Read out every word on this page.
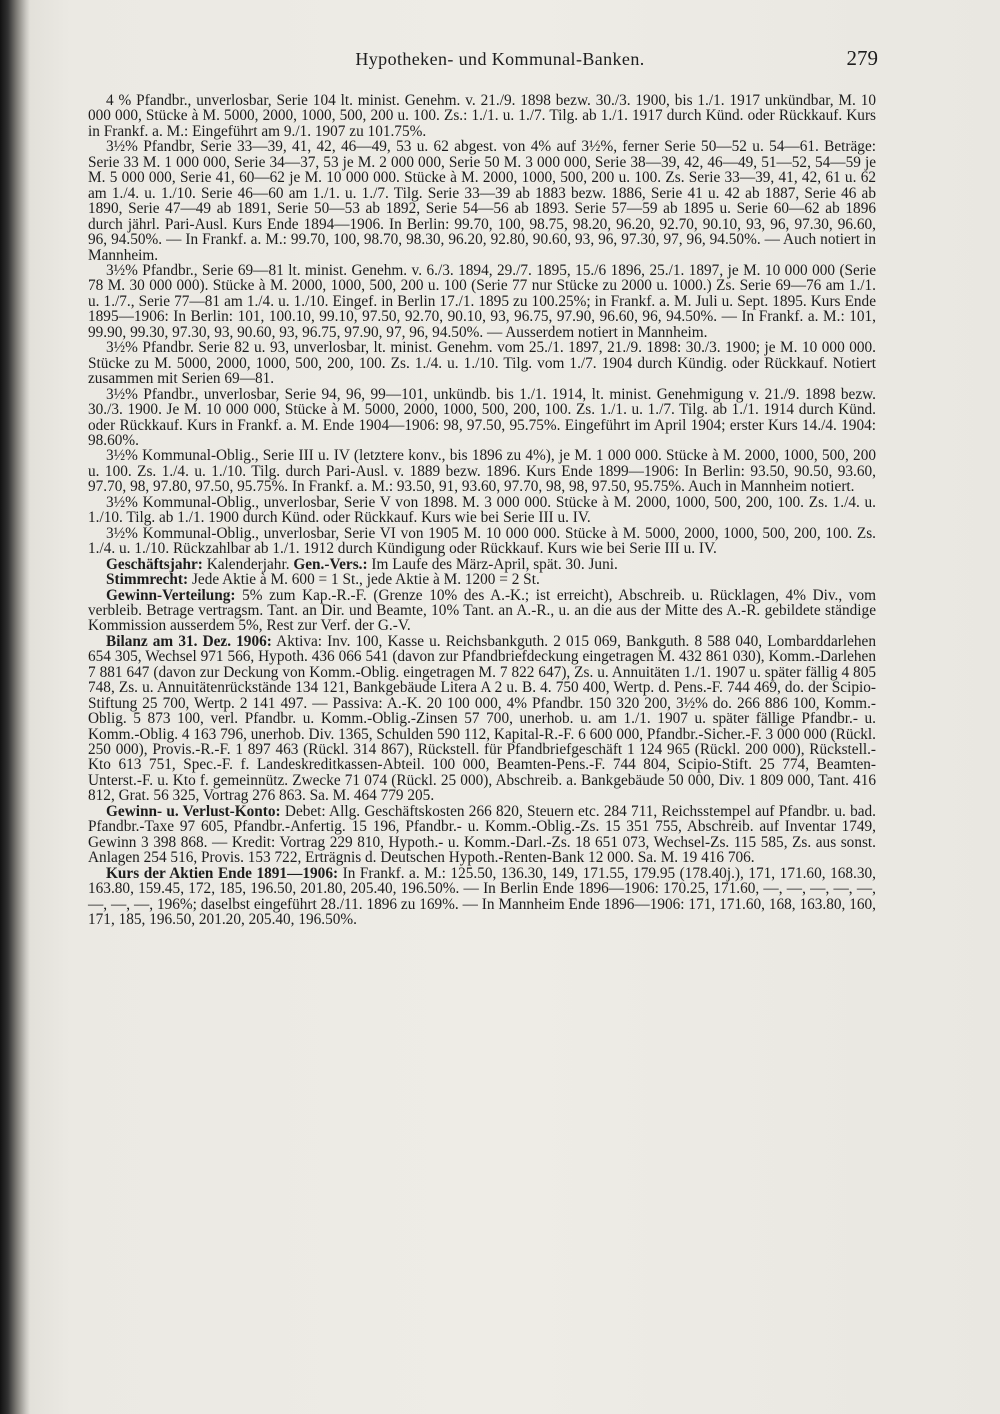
Hypotheken- und Kommunal-Banken.	279

4 % Pfandbr., unverlosbar, Serie 104 lt. minist. Genehm. v. 21./9. 1898 bezw. 30./3. 1900, bis 1./1. 1917 unkündbar, M. 10 000 000, Stücke à M. 5000, 2000, 1000, 500, 200 u. 100. Zs.: 1./1. u. 1./7. Tilg. ab 1./1. 1917 durch Künd. oder Rückkauf. Kurs in Frankf. a. M.: Eingeführt am 9./1. 1907 zu 101.75%.

3½% Pfandbr, Serie 33—39, 41, 42, 46—49, 53 u. 62 abgest. von 4% auf 3½%, ferner Serie 50—52 u. 54—61. Beträge: Serie 33 M. 1 000 000, Serie 34—37, 53 je M. 2 000 000, Serie 50 M. 3 000 000, Serie 38—39, 42, 46—49, 51—52, 54—59 je M. 5 000 000, Serie 41, 60—62 je M. 10 000 000. Stücke à M. 2000, 1000, 500, 200 u. 100. Zs. Serie 33—39, 41, 42, 61 u. 62 am 1./4. u. 1./10. Serie 46—60 am 1./1. u. 1./7. Tilg. Serie 33—39 ab 1883 bezw. 1886, Serie 41 u. 42 ab 1887, Serie 46 ab 1890, Serie 47—49 ab 1891, Serie 50—53 ab 1892, Serie 54—56 ab 1893. Serie 57—59 ab 1895 u. Serie 60—62 ab 1896 durch jährl. Pari-Ausl. Kurs Ende 1894—1906. In Berlin: 99.70, 100, 98.75, 98.20, 96.20, 92.70, 90.10, 93, 96, 97.30, 96.60, 96, 94.50%. — In Frankf. a. M.: 99.70, 100, 98.70, 98.30, 96.20, 92.80, 90.60, 93, 96, 97.30, 97, 96, 94.50%. — Auch notiert in Mannheim.

3½% Pfandbr., Serie 69—81 lt. minist. Genehm. v. 6./3. 1894, 29./7. 1895, 15./6 1896, 25./1. 1897, je M. 10 000 000 (Serie 78 M. 30 000 000). Stücke à M. 2000, 1000, 500, 200 u. 100 (Serie 77 nur Stücke zu 2000 u. 1000.) Zs. Serie 69—76 am 1./1. u. 1./7., Serie 77—81 am 1./4. u. 1./10. Eingef. in Berlin 17./1. 1895 zu 100.25%; in Frankf. a. M. Juli u. Sept. 1895. Kurs Ende 1895—1906: In Berlin: 101, 100.10, 99.10, 97.50, 92.70, 90.10, 93, 96.75, 97.90, 96.60, 96, 94.50%. — In Frankf. a. M.: 101, 99.90, 99.30, 97.30, 93, 90.60, 93, 96.75, 97.90, 97, 96, 94.50%. — Ausserdem notiert in Mannheim.

3½% Pfandbr. Serie 82 u. 93, unverlosbar, lt. minist. Genehm. vom 25./1. 1897, 21./9. 1898: 30./3. 1900; je M. 10 000 000. Stücke zu M. 5000, 2000, 1000, 500, 200, 100. Zs. 1./4. u. 1./10. Tilg. vom 1./7. 1904 durch Kündig. oder Rückkauf. Notiert zusammen mit Serien 69—81.

3½% Pfandbr., unverlosbar, Serie 94, 96, 99—101, unkündb. bis 1./1. 1914, lt. minist. Genehmigung v. 21./9. 1898 bezw. 30./3. 1900. Je M. 10 000 000, Stücke à M. 5000, 2000, 1000, 500, 200, 100. Zs. 1./1. u. 1./7. Tilg. ab 1./1. 1914 durch Künd. oder Rückkauf. Kurs in Frankf. a. M. Ende 1904—1906: 98, 97.50, 95.75%. Eingeführt im April 1904; erster Kurs 14./4. 1904: 98.60%.

3½% Kommunal-Oblig., Serie III u. IV (letztere konv., bis 1896 zu 4%), je M. 1 000 000. Stücke à M. 2000, 1000, 500, 200 u. 100. Zs. 1./4. u. 1./10. Tilg. durch Pari-Ausl. v. 1889 bezw. 1896. Kurs Ende 1899—1906: In Berlin: 93.50, 90.50, 93.60, 97.70, 98, 97.80, 97.50, 95.75%. In Frankf. a. M.: 93.50, 91, 93.60, 97.70, 98, 98, 97.50, 95.75%. Auch in Mannheim notiert.

3½% Kommunal-Oblig., unverlosbar, Serie V von 1898. M. 3 000 000. Stücke à M. 2000, 1000, 500, 200, 100. Zs. 1./4. u. 1./10. Tilg. ab 1./1. 1900 durch Künd. oder Rückkauf. Kurs wie bei Serie III u. IV.

3½% Kommunal-Oblig., unverlosbar, Serie VI von 1905 M. 10 000 000. Stücke à M. 5000, 2000, 1000, 500, 200, 100. Zs. 1./4. u. 1./10. Rückzahlbar ab 1./1. 1912 durch Kündigung oder Rückkauf. Kurs wie bei Serie III u. IV.

Geschäftsjahr: Kalenderjahr. Gen.-Vers.: Im Laufe des März-April, spät. 30. Juni.

Stimmrecht: Jede Aktie à M. 600 = 1 St., jede Aktie à M. 1200 = 2 St.

Gewinn-Verteilung: 5% zum Kap.-R.-F. (Grenze 10% des A.-K.; ist erreicht), Abschreib. u. Rücklagen, 4% Div., vom verbleib. Betrage vertragsm. Tant. an Dir. und Beamte, 10% Tant. an A.-R., u. an die aus der Mitte des A.-R. gebildete ständige Kommission ausserdem 5%, Rest zur Verf. der G.-V.

Bilanz am 31. Dez. 1906: Aktiva: Inv. 100, Kasse u. Reichsbankguth. 2 015 069, Bankguth. 8 588 040, Lombarddarlehen 654 305, Wechsel 971 566, Hypoth. 436 066 541 (davon zur Pfandbriefdeckung eingetragen M. 432 861 030), Komm.-Darlehen 7 881 647 (davon zur Deckung von Komm.-Oblig. eingetragen M. 7 822 647), Zs. u. Annuitäten 1./1. 1907 u. später fällig 4 805 748, Zs. u. Annuitätenrückstände 134 121, Bankgebäude Litera A 2 u. B. 4. 750 400, Wertp. d. Pens.-F. 744 469, do. der Scipio-Stiftung 25 700, Wertp. 2 141 497. — Passiva: A.-K. 20 100 000, 4% Pfandbr. 150 320 200, 3½% do. 266 886 100, Komm.-Oblig. 5 873 100, verl. Pfandbr. u. Komm.-Oblig.-Zinsen 57 700, unerhob. u. am 1./1. 1907 u. später fällige Pfandbr.- u. Komm.-Oblig. 4 163 796, unerhob. Div. 1365, Schulden 590 112, Kapital-R.-F. 6 600 000, Pfandbr.-Sicher.-F. 3 000 000 (Rückl. 250 000), Provis.-R.-F. 1 897 463 (Rückl. 314 867), Rückstell. für Pfandbriefgeschäft 1 124 965 (Rückl. 200 000), Rückstell.-Kto 613 751, Spec.-F. f. Landeskreditkassen-Abteil. 100 000, Beamten-Pens.-F. 744 804, Scipio-Stift. 25 774, Beamten-Unterst.-F. u. Kto f. gemeinnütz. Zwecke 71 074 (Rückl. 25 000), Abschreib. a. Bankgebäude 50 000, Div. 1 809 000, Tant. 416 812, Grat. 56 325, Vortrag 276 863. Sa. M. 464 779 205.

Gewinn- u. Verlust-Konto: Debet: Allg. Geschäftskosten 266 820, Steuern etc. 284 711, Reichsstempel auf Pfandbr. u. bad. Pfandbr.-Taxe 97 605, Pfandbr.-Anfertig. 15 196, Pfandbr.- u. Komm.-Oblig.-Zs. 15 351 755, Abschreib. auf Inventar 1749, Gewinn 3 398 868. — Kredit: Vortrag 229 810, Hypoth.- u. Komm.-Darl.-Zs. 18 651 073, Wechsel-Zs. 115 585, Zs. aus sonst. Anlagen 254 516, Provis. 153 722, Erträgnis d. Deutschen Hypoth.-Renten-Bank 12 000. Sa. M. 19 416 706.

Kurs der Aktien Ende 1891—1906: In Frankf. a. M.: 125.50, 136.30, 149, 171.55, 179.95 (178.40j.), 171, 171.60, 168.30, 163.80, 159.45, 172, 185, 196.50, 201.80, 205.40, 196.50%. — In Berlin Ende 1896—1906: 170.25, 171.60, —, —, —, —, —, —, —, —, 196%; daselbst eingeführt 28./11. 1896 zu 169%. — In Mannheim Ende 1896—1906: 171, 171.60, 168, 163.80, 160, 171, 185, 196.50, 201.20, 205.40, 196.50%.
